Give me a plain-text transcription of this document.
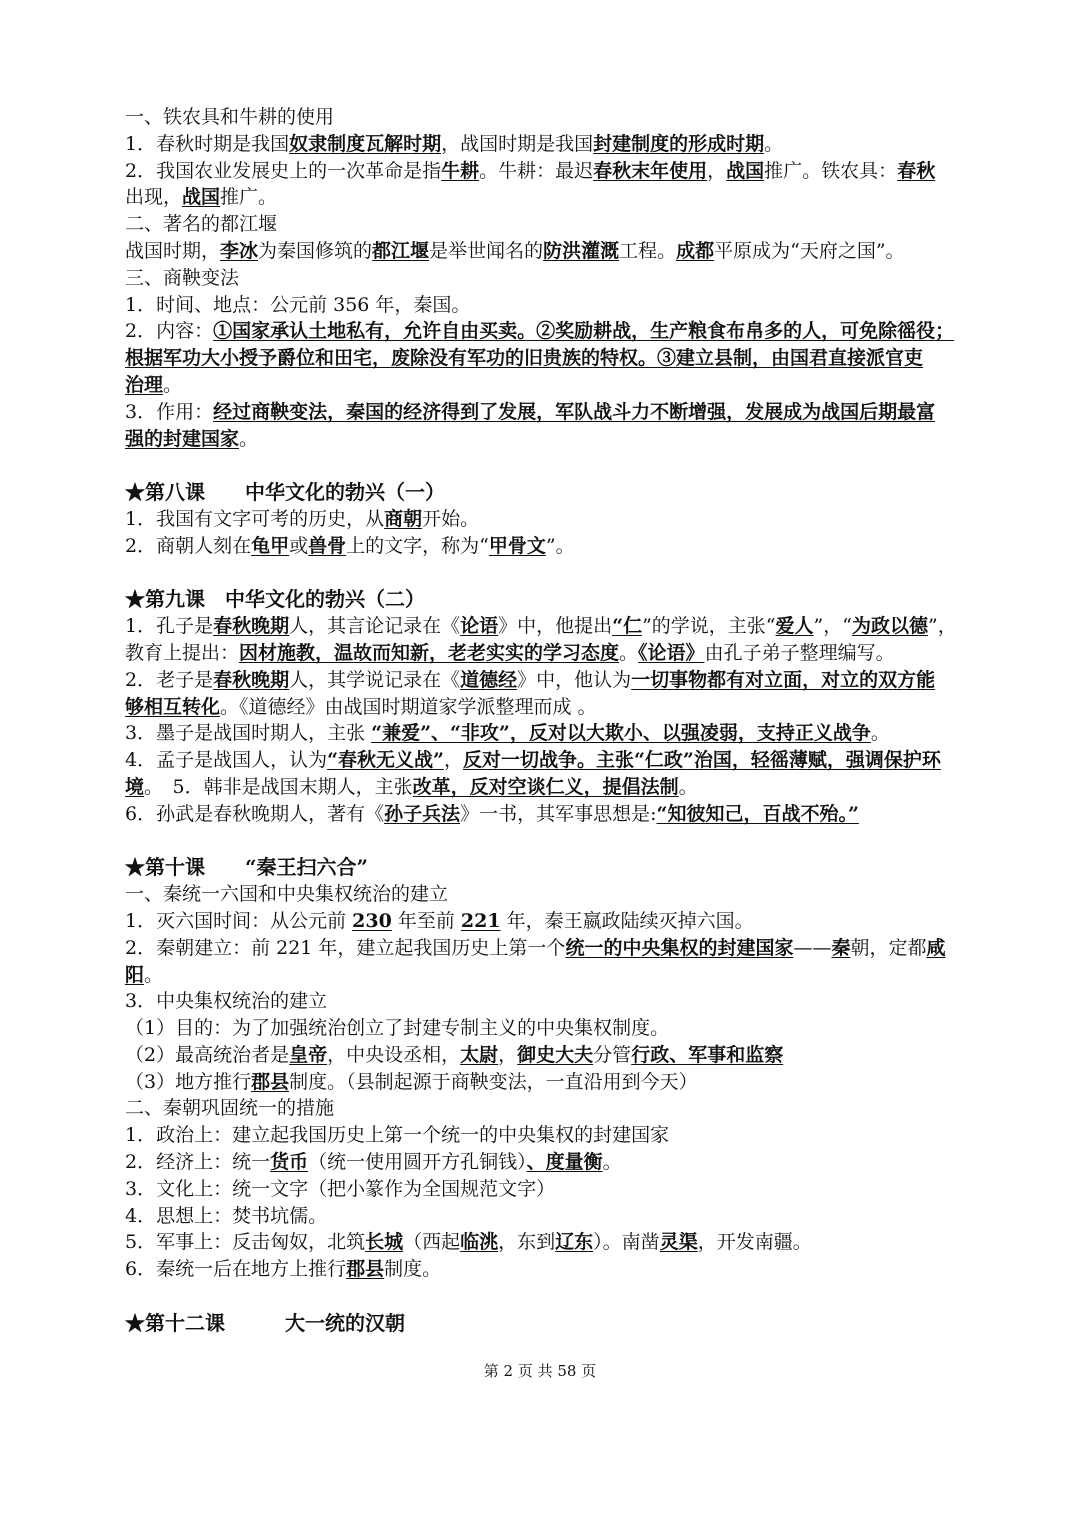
一、铁农具和牛耕的使用
1．春秋时期是我国奴隶制度瓦解时期，战国时期是我国封建制度的形成时期。
2．我国农业发展史上的一次革命是指牛耕。牛耕：最迟春秋末年使用，战国推广。铁农具：春秋
出现，战国推广。
二、著名的都江堰
战国时期，李冰为秦国修筑的都江堰是举世闻名的防洪灌溉工程。成都平原成为“天府之国”。
三、商鞅变法
1．时间、地点：公元前 356 年，秦国。
2．内容：①国家承认土地私有，允许自由买卖。②奖励耕战，生产粮食布帛多的人，可免除徭役；
根据军功大小授予爵位和田宅，废除没有军功的旧贵族的特权。③建立县制，由国君直接派官吏
治理。
3．作用：经过商鞅变法，秦国的经济得到了发展，军队战斗力不断增强，发展成为战国后期最富
强的封建国家。
★第八课　　中华文化的勃兴（一）
1．我国有文字可考的历史，从商朝开始。
2．商朝人刻在龟甲或兽骨上的文字，称为“甲骨文”。
★第九课　中华文化的勃兴（二）
1．孔子是春秋晚期人，其言论记录在《论语》中，他提出“仁”的学说，主张“爱人”，“为政以德”，
教育上提出：因材施教，温故而知新，老老实实的学习态度。《论语》由孔子弟子整理编写。
2．老子是春秋晚期人，其学说记录在《道德经》中，他认为一切事物都有对立面，对立的双方能
够相互转化。《道德经》由战国时期道家学派整理而成 。
3．墨子是战国时期人，主张 “兼爱”、“非攻”，反对以大欺小、以强凌弱，支持正义战争。
4．孟子是战国人，认为“春秋无义战”，反对一切战争。主张“仁政”治国，轻徭薄赋，强调保护环
境。　5．韩非是战国末期人，主张改革，反对空谈仁义，提倡法制。
6．孙武是春秋晚期人，著有《孙子兵法》一书，其军事思想是:“知彼知己，百战不殆。”
★第十课　　“秦王扫六合”
一、秦统一六国和中央集权统治的建立
1．灭六国时间：从公元前 230 年至前 221 年，秦王嬴政陆续灭掉六国。
2．秦朝建立：前 221 年，建立起我国历史上第一个统一的中央集权的封建国家——秦朝，定都咸
阳。
3．中央集权统治的建立
（1）目的：为了加强统治创立了封建专制主义的中央集权制度。
（2）最高统治者是皇帝，中央设丞相，太尉，御史大夫分管行政、军事和监察
（3）地方推行郡县制度。（县制起源于商鞅变法，一直沿用到今天）
二、秦朝巩固统一的措施
1．政治上：建立起我国历史上第一个统一的中央集权的封建国家
2．经济上：统一货币（统一使用圆开方孔铜钱）、度量衡。
3．文化上：统一文字（把小篆作为全国规范文字）
4．思想上：焚书坑儒。
5．军事上：反击匈奴，北筑长城（西起临洮，东到辽东）。南凿灵渠，开发南疆。
6．秦统一后在地方上推行郡县制度。
★第十二课　　　大一统的汉朝
第 2 页 共 58 页
